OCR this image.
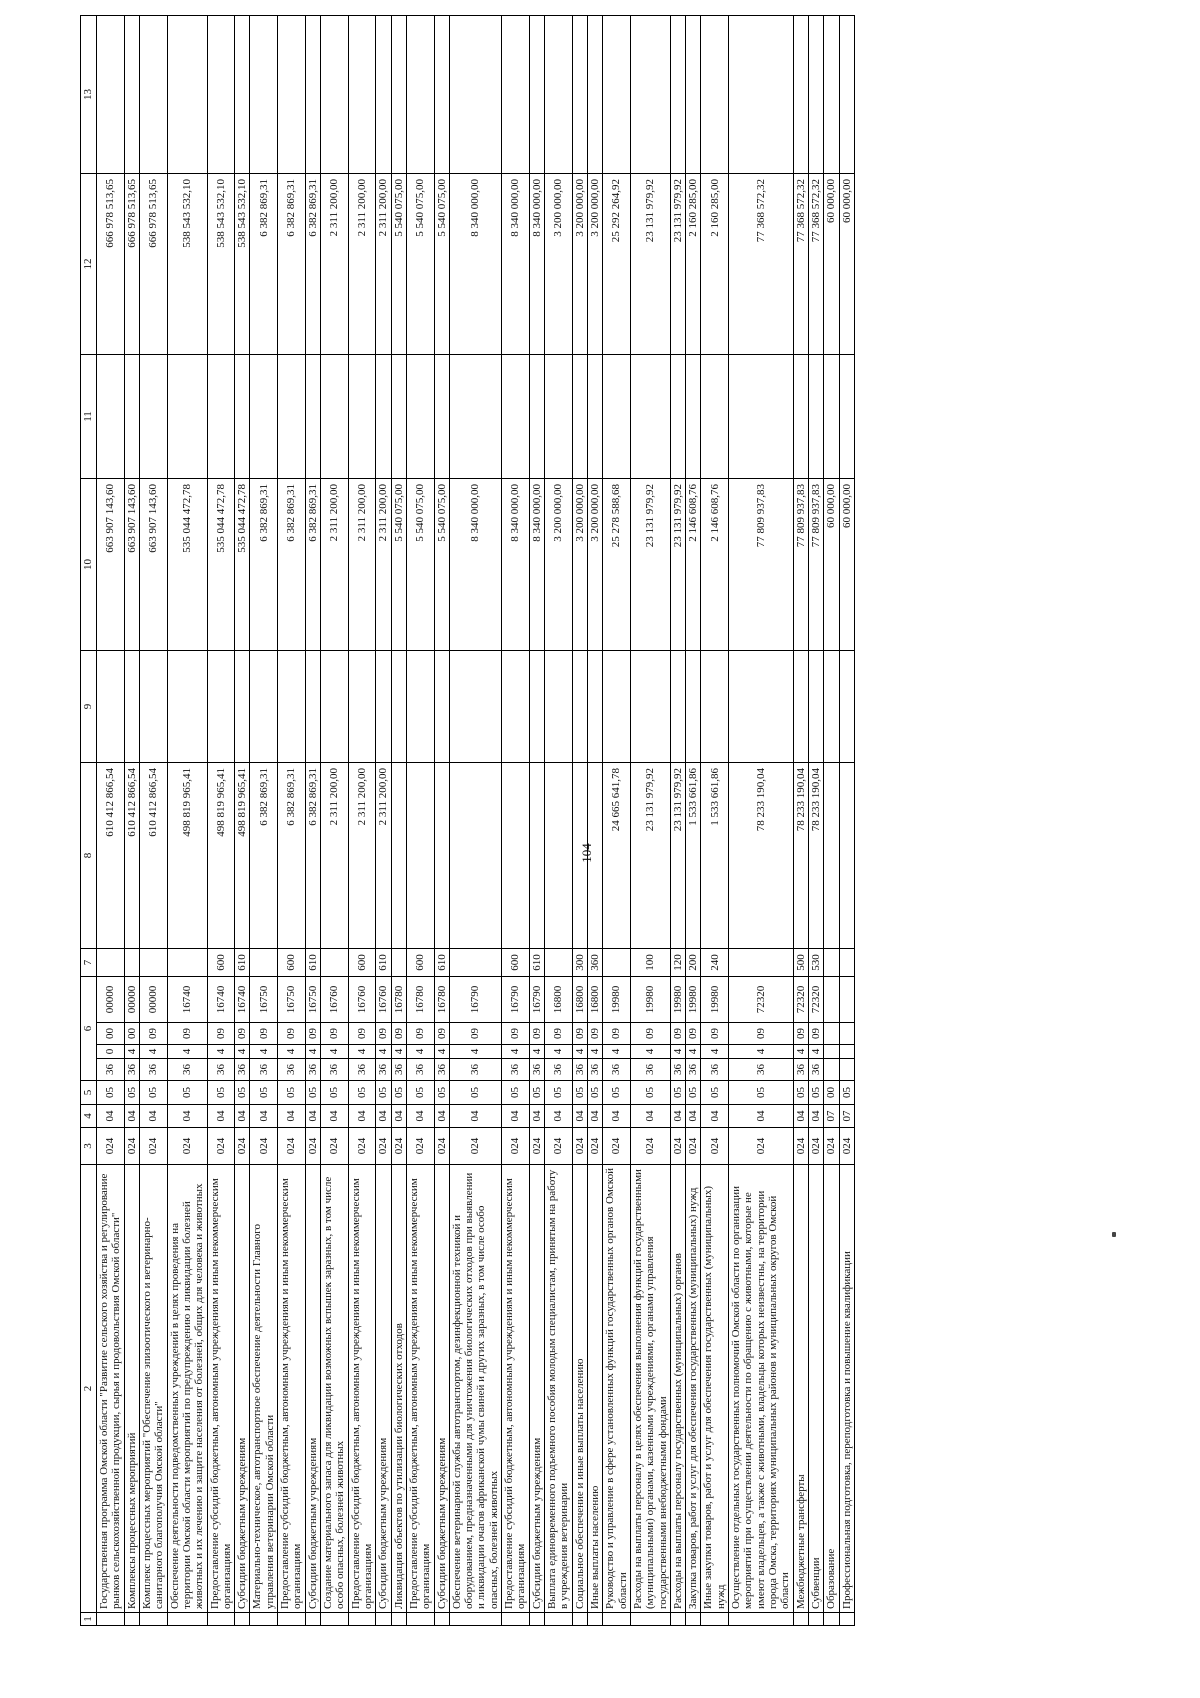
104
1	2	3	4	5	6				7	8	9	10	11	12	13
	Государственная программа Омской области "Развитие сельского хозяйства и регулирование рынков сельскохозяйственной продукции, сырья и продовольствия Омской области"	024	04	05	36	0	00	00000		610 412 866,54		663 907 143,60		666 978 513,65	
	Комплексы процессных мероприятий	024	04	05	36	4	00	00000		610 412 866,54		663 907 143,60		666 978 513,65	
	Комплекс процессных мероприятий "Обеспечение эпизоотического и ветеринарно-санитарного благополучия Омской области"	024	04	05	36	4	09	00000		610 412 866,54		663 907 143,60		666 978 513,65	
	Обеспечение деятельности подведомственных учреждений в целях проведения на территории Омской области мероприятий по предупреждению и ликвидации болезней животных и их лечению и защите населения от болезней, общих для человека и животных	024	04	05	36	4	09	16740		498 819 965,41		535 044 472,78		538 543 532,10	
	Предоставление субсидий бюджетным, автономным учреждениям и иным некоммерческим организациям	024	04	05	36	4	09	16740	600	498 819 965,41		535 044 472,78		538 543 532,10	
	Субсидии бюджетным учреждениям	024	04	05	36	4	09	16740	610	498 819 965,41		535 044 472,78		538 543 532,10	
	Материально-техническое, автотранспортное обеспечение деятельности Главного управления ветеринарии Омской области	024	04	05	36	4	09	16750		6 382 869,31		6 382 869,31		6 382 869,31	
	Предоставление субсидий бюджетным, автономным учреждениям и иным некоммерческим организациям	024	04	05	36	4	09	16750	600	6 382 869,31		6 382 869,31		6 382 869,31	
	Субсидии бюджетным учреждениям	024	04	05	36	4	09	16750	610	6 382 869,31		6 382 869,31		6 382 869,31	
	Создание материального запаса для ликвидации возможных вспышек заразных, в том числе особо опасных, болезней животных	024	04	05	36	4	09	16760		2 311 200,00		2 311 200,00		2 311 200,00	
	Предоставление субсидий бюджетным, автономным учреждениям и иным некоммерческим организациям	024	04	05	36	4	09	16760	600	2 311 200,00		2 311 200,00		2 311 200,00	
	Субсидии бюджетным учреждениям	024	04	05	36	4	09	16760	610	2 311 200,00		2 311 200,00		2 311 200,00	
	Ликвидация объектов по утилизации биологических отходов	024	04	05	36	4	09	16780				5 540 075,00		5 540 075,00	
	Предоставление субсидий бюджетным, автономным учреждениям и иным некоммерческим организациям	024	04	05	36	4	09	16780	600			5 540 075,00		5 540 075,00	
	Субсидии бюджетным учреждениям	024	04	05	36	4	09	16780	610			5 540 075,00		5 540 075,00	
	Обеспечение ветеринарной службы автотранспортом, дезинфекционной техникой и оборудованием, предназначенными для уничтожения биологических отходов при выявлении и ликвидации очагов африканской чумы свиней и других заразных, в том числе особо опасных, болезней животных	024	04	05	36	4	09	16790				8 340 000,00		8 340 000,00	
	Предоставление субсидий бюджетным, автономным учреждениям и иным некоммерческим организациям	024	04	05	36	4	09	16790	600			8 340 000,00		8 340 000,00	
	Субсидии бюджетным учреждениям	024	04	05	36	4	09	16790	610			8 340 000,00		8 340 000,00	
	Выплата единовременного подъемного пособия молодым специалистам, принятым на работу в учреждения ветеринарии	024	04	05	36	4	09	16800				3 200 000,00		3 200 000,00	
	Социальное обеспечение и иные выплаты населению	024	04	05	36	4	09	16800	300			3 200 000,00		3 200 000,00	
	Иные выплаты населению	024	04	05	36	4	09	16800	360			3 200 000,00		3 200 000,00	
	Руководство и управление в сфере установленных функций государственных органов Омской области	024	04	05	36	4	09	19980		24 665 641,78		25 278 588,68		25 292 264,92	
	Расходы на выплаты персоналу в целях обеспечения выполнения функций государственными (муниципальными) органами, казенными учреждениями, органами управления государственными внебюджетными фондами	024	04	05	36	4	09	19980	100	23 131 979,92		23 131 979,92		23 131 979,92	
	Расходы на выплаты персоналу государственных (муниципальных) органов	024	04	05	36	4	09	19980	120	23 131 979,92		23 131 979,92		23 131 979,92	
	Закупка товаров, работ и услуг для обеспечения государственных (муниципальных) нужд	024	04	05	36	4	09	19980	200	1 533 661,86		2 146 608,76		2 160 285,00	
	Иные закупки товаров, работ и услуг для обеспечения государственных (муниципальных) нужд	024	04	05	36	4	09	19980	240	1 533 661,86		2 146 608,76		2 160 285,00	
	Осуществление отдельных государственных полномочий Омской области по организации мероприятий при осуществлении деятельности по обращению с животными, которые не имеют владельцев, а также с животными, владельцы которых неизвестны, на территории города Омска, территориях муниципальных районов и муниципальных округов Омской области	024	04	05	36	4	09	72320		78 233 190,04		77 809 937,83		77 368 572,32	
	Межбюджетные трансферты	024	04	05	36	4	09	72320	500	78 233 190,04		77 809 937,83		77 368 572,32	
	Субвенции	024	04	05	36	4	09	72320	530	78 233 190,04		77 809 937,83		77 368 572,32	
	Образование	024	07	00								60 000,00		60 000,00	
	Профессиональная подготовка, переподготовка и повышение квалификации	024	07	05								60 000,00		60 000,00	
